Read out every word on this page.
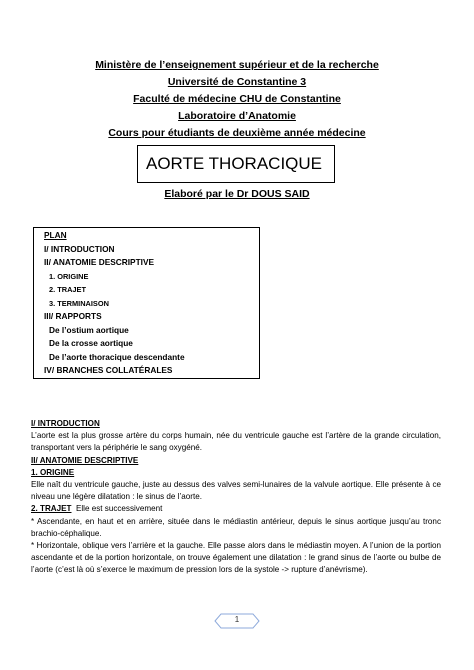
Ministère de l’enseignement supérieur et de la recherche
Université de Constantine 3
Faculté de médecine CHU de Constantine
Laboratoire d’Anatomie
Cours pour étudiants de deuxième année médecine
AORTE THORACIQUE
Elaboré par le Dr DOUS SAID
PLAN
I/ INTRODUCTION
II/ ANATOMIE DESCRIPTIVE
1. ORIGINE
2. TRAJET
3. TERMINAISON
III/ RAPPORTS
De l’ostium aortique
De la crosse aortique
De l’aorte thoracique descendante
IV/ BRANCHES COLLATÉRALES
I/ INTRODUCTION

L’aorte est la plus grosse artère du corps humain, née du ventricule gauche est l’artère de la grande circulation, transportant vers la périphérie le sang oxygéné.

II/ ANATOMIE DESCRIPTIVE
1. ORIGINE

Elle naît du ventricule gauche, juste au dessus des valves semi-lunaires de la valvule aortique. Elle présente à ce niveau une légère dilatation : le sinus de l’aorte.

2. TRAJET Elle est successivement

* Ascendante, en haut et en arrière, située dans le médiastin antérieur, depuis le sinus aortique jusqu’au tronc brachio-céphalique.

* Horizontale, oblique vers l’arrière et la gauche. Elle passe alors dans le médiastin moyen. A l’union de la portion ascendante et de la portion horizontale, on trouve également une dilatation : le grand sinus de l’aorte ou bulbe de l’aorte (c’est là où s’exerce le maximum de pression lors de la systole -> rupture d’anévrisme).

1
